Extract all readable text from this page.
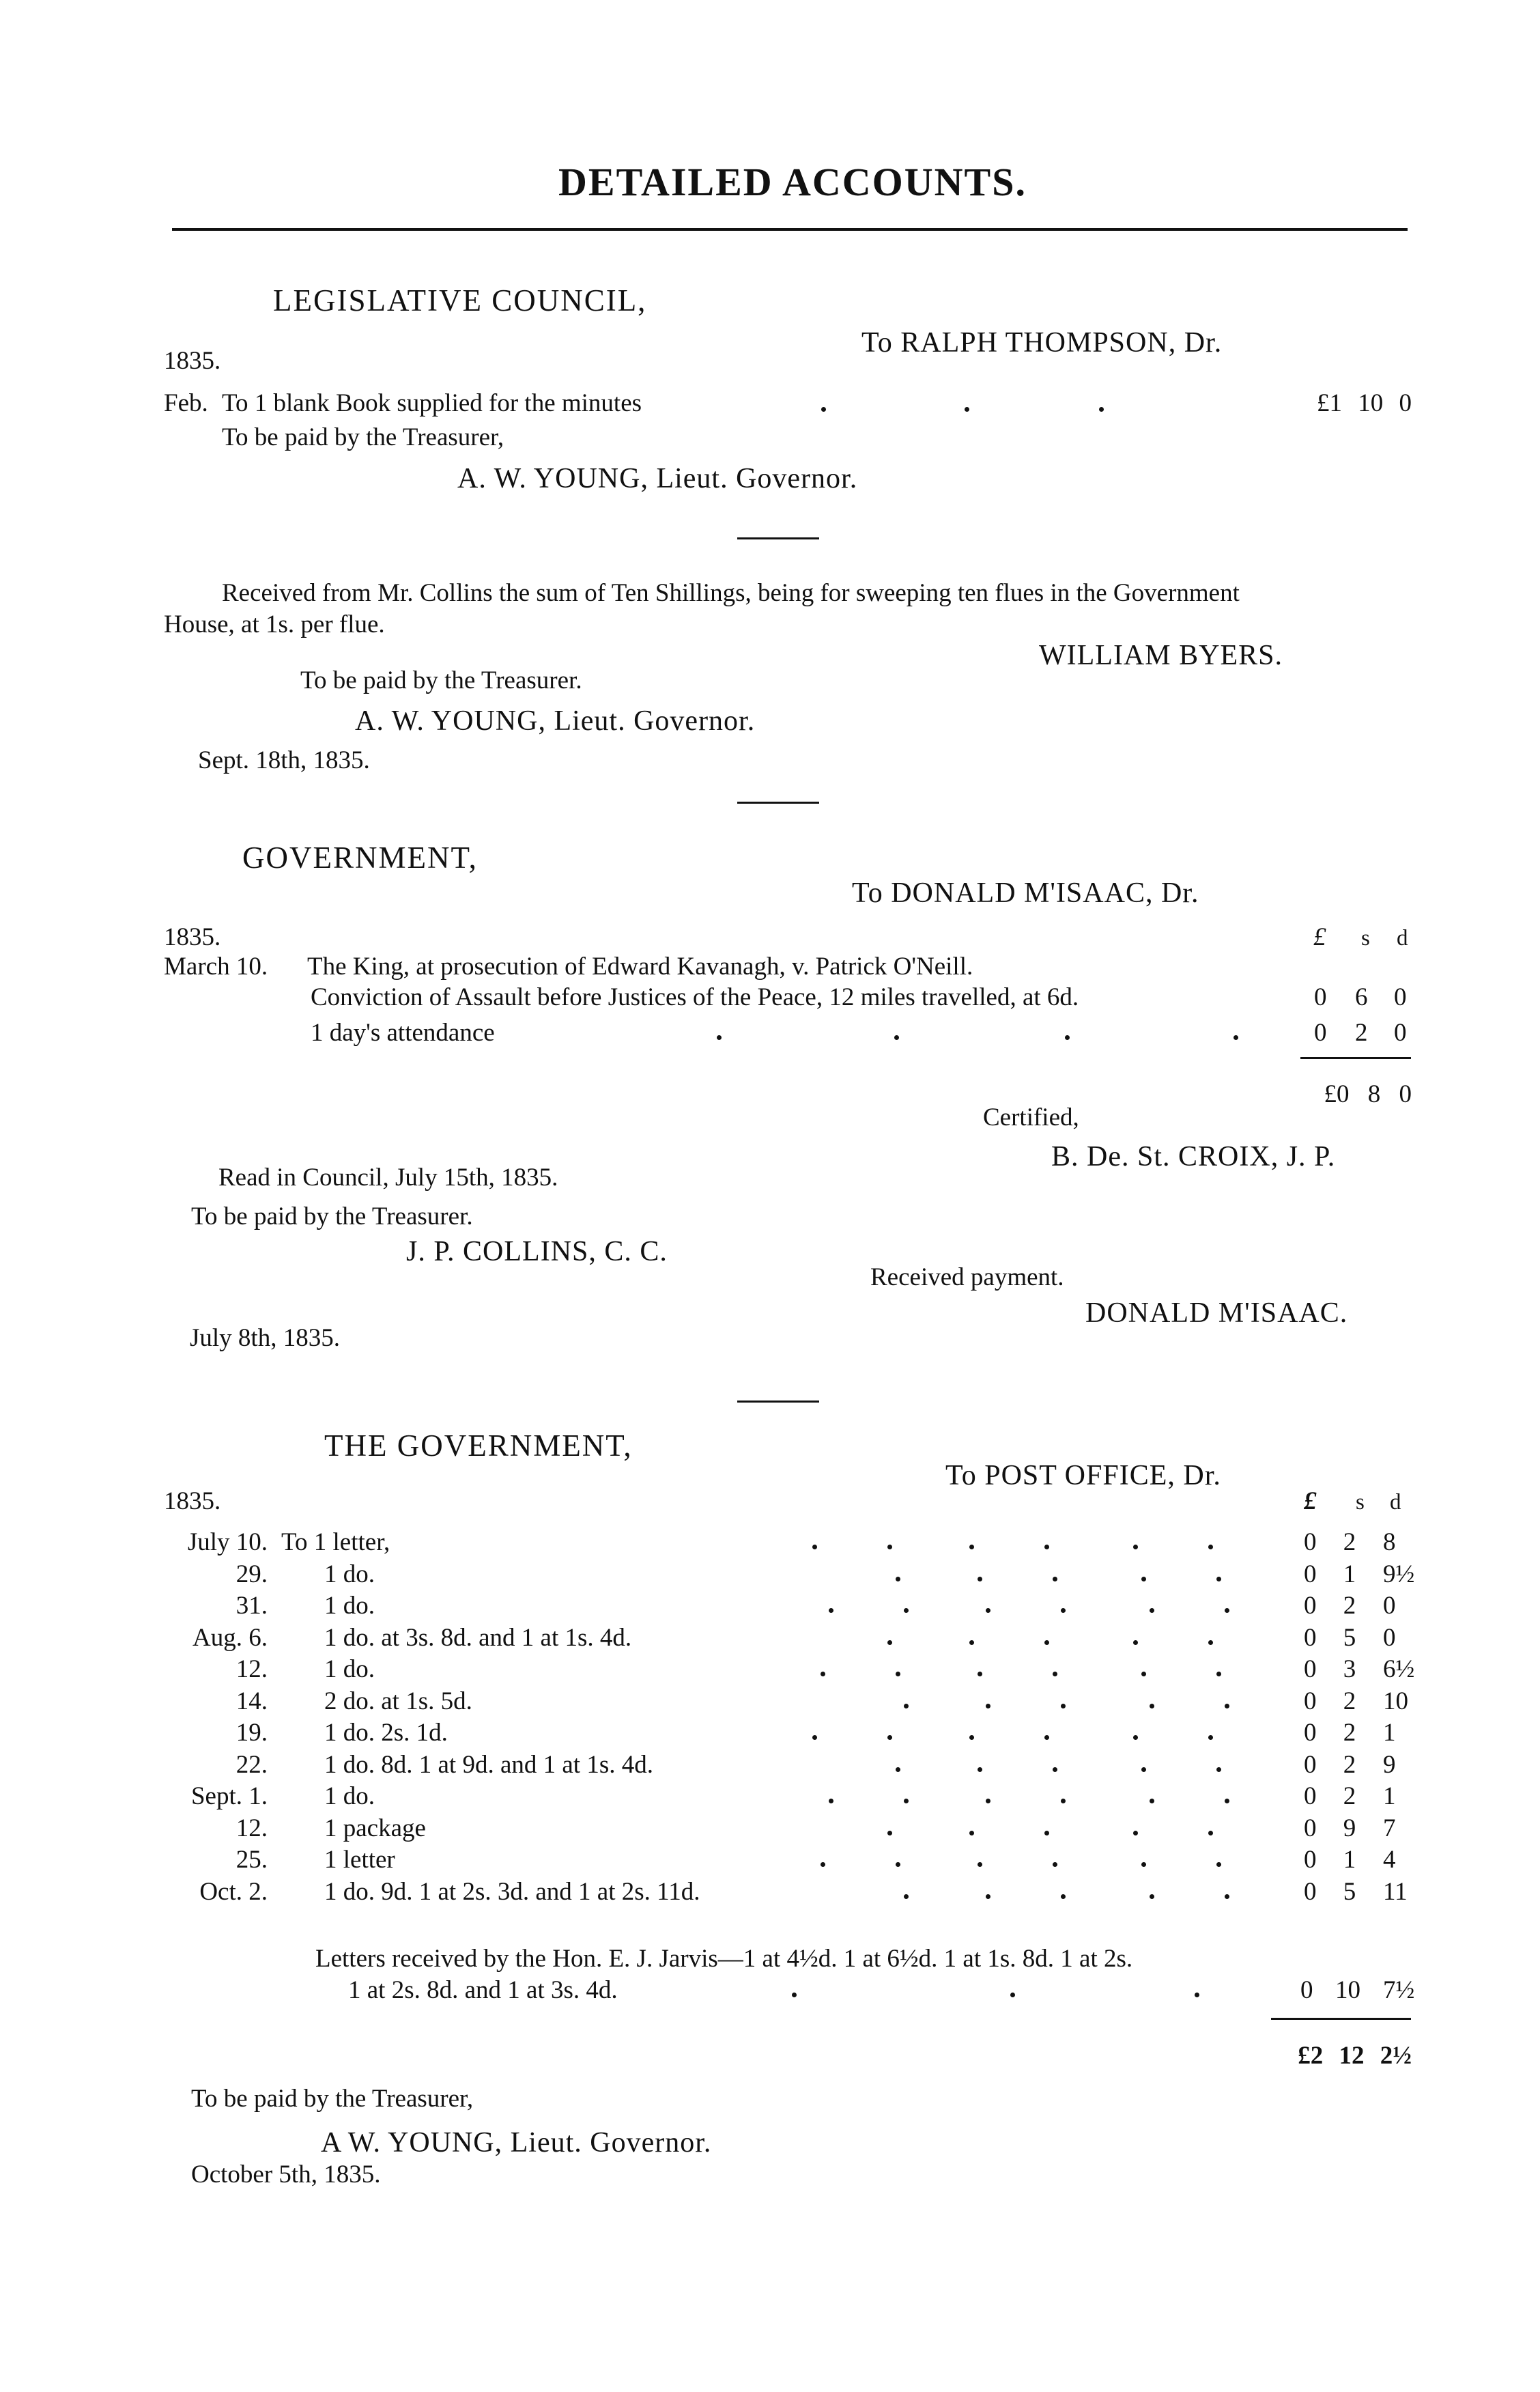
DETAILED ACCOUNTS.
LEGISLATIVE COUNCIL,
To RALPH THOMPSON, Dr.
1835.
Feb. To 1 blank Book supplied for the minutes	£1 10 0
To be paid by the Treasurer,
A. W. YOUNG, Lieut. Governor.
Received from Mr. Collins the sum of Ten Shillings, being for sweeping ten flues in the Government
House, at 1s. per flue.
WILLIAM BYERS.
To be paid by the Treasurer.
A. W. YOUNG, Lieut. Governor.
Sept. 18th, 1835.
GOVERNMENT,
To DONALD M'ISAAC, Dr.
1835.	£ s d
March 10. The King, at prosecution of Edward Kavanagh, v. Patrick O'Neill.
Conviction of Assault before Justices of the Peace, 12 miles travelled, at 6d.	0 6 0
1 day's attendance	0 2 0
£0 8 0
Certified,
B. De. St. CROIX, J. P.
Read in Council, July 15th, 1835.
To be paid by the Treasurer.
J. P. COLLINS, C. C.
Received payment.
DONALD M'ISAAC.
July 8th, 1835.
THE GOVERNMENT,
To POST OFFICE, Dr.
1835.	£ s d
July 10. To 1 letter,	0	2	8
29. 1 do.	0	1	9½
31. 1 do.	0	2	0
Aug. 6. 1 do. at 3s. 8d. and 1 at 1s. 4d.	0	5	0
12. 1 do.	0	3	6½
14. 2 do. at 1s. 5d.	0	2	10
19. 1 do. 2s. 1d.	0	2	1
22. 1 do. 8d. 1 at 9d. and 1 at 1s. 4d.	0	2	9
Sept. 1. 1 do.	0	2	1
12. 1 package	0	9	7
25. 1 letter	0	1	4
Oct. 2. 1 do. 9d. 1 at 2s. 3d. and 1 at 2s. 11d.	0	5	11
Letters received by the Hon. E. J. Jarvis—1 at 4½d. 1 at 6½d. 1 at 1s. 8d. 1 at 2s.
1 at 2s. 8d. and 1 at 3s. 4d.	0 10 7½
£2 12 2½
To be paid by the Treasurer,
A W. YOUNG, Lieut. Governor.
October 5th, 1835.
